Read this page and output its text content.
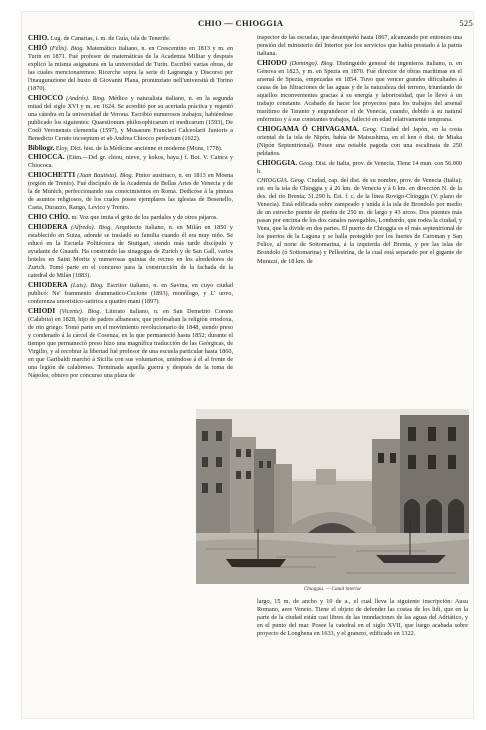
CHIO — CHIOGGIA	525
CHIO. Lug. de Canarias, t. m. de Guía, isla de Tenerife.
CHIÓ (Félix). Biog. Matemático italiano, n. en Crescentino en 1813 y m. en Turín en 1871. Fué profesor de matemáticas de la Academia Militar y después explicó la misma asignatura en la universidad de Turín. Escribió varias obras, de las cuales mencionaremos: Ricerche sopra la serie di Lagrangia y Discorso per l'inaugurazione del busto di Giovanni Plana, pronunziato nell'università di Torino (1870).
CHIOCCO (Andrés). Biog. Médico y naturalista italiano, n. en la segunda mitad del siglo XVI y m. en 1624. Se acreditó por su acertada práctica y regentó una cátedra en la universidad de Verona. Escribió numerosos trabajos, habiéndose publicado los siguientes: Quaestionum philosophicarum et medicarum (1593), De Coeli Veronensis clementia (1597), y Musaeum Francisci Calceolarii Junioris a Benedicto Ceruto incoeptum et ab Andrea Chiocco perfectum (1622).
Bibliogr. Eloy, Dict. hist. de la Médicine ancienne et moderne (Mons, 1778).
CHIOCCA. (Etim.—Del gr. chiou, nieve, y kokos, baya.) f. Bot. V. Cainca y Chiococa.
CHIOCHETTI (Juan Bautista). Biog. Pintor austriaco, n. en 1813 en Moena (región de Trento). Fué discípulo de la Academia de Bellas Artes de Venecia y de la de Munich, perfeccionando sus conocimientos en Roma. Dedicóse á la pintura de asuntos religiosos, de los cuales posee ejemplares las iglesias de Besenello, Casta, Durazzo, Rango, Levico y Trento.
CHIO CHÍO. m. Voz que imita el grito de los pardales y de otros pájaros.
CHIODERA (Alfredo). Biog. Arquitecto italiano, n. en Milán en 1850 y establecido en Suiza, adonde se trasladó su familia cuando él era muy niño. Se educó en la Escuela Politécnica de Stuttgart, siendo más tarde discípulo y ayudante de Gnauth. Ha construido las sinagogas de Zurich y de San Gall, varios hoteles en Saint Moritz y numerosas quintas de recreo en los alrededores de Zurich. Tomó parte en el concurso para la construcción de la fachada de la catedral de Milán (1883).
CHIODERA (Luis). Biog. Escritor italiano, n. en Savina, en cuyo ciudad publicó: Ne' frammento drammatico-Cecione (1893), monólogo, y L' uovo, conferenza umoristico-satirica a quattro mani (1897).
CHIODI (Vicente). Biog. Literato italiano, n. en San Demetrio Corone (Calabria) en 1828, hijo de padres albaneses, que profesaban la religión ortodoxa, de rito griego. Tomó parte en el movimiento revolucionario de 1848, siendo preso y condenado á la cárcel de Cosenza, en la que permaneció hasta 1852; durante el tiempo que permaneció preso hizo una magnífica traducción de las Geórgicas, de Virgilio, y al recobrar la libertad fué profesor de una escuela particular hasta 1860, en que Garibaldi marchó á Sicilia con sus voluntarios, uniéndose á él al frente de una legión de calabreses. Terminada aquella guerra y después de la toma de Nápoles, obtuvo por concurso una plaza de
inspector de las escuelas, que desempeñó hasta 1867, alcanzando por entonces una pensión del ministerio del Interior por los servicios que había prestado á la patria italiana.
CHIODO (Domingo). Biog. Distinguido general de ingenieros italiano, n. en Génova en 1823, y m. en Spezia en 1870. Fué director de obras marítimas en el arsenal de Spezia, empezadas en 1854. Tuvo que vencer grandes dificultades á causa de las filtraciones de las aguas y de la naturaleza del terreno, triunfando de aquellos inconvenientes gracias á su energía y laboriosidad, que le llevó á un trabajo constante. Acabado de hacer los proyectos para los trabajos del arsenal marítimo de Taranto y engrandecer el de Venecia, cuando, debido á su natural enfermizo y á sus constantes trabajos, falleció en edad relativamente temprana.
CHIOGAMA Ó CHIVAGAMA. Geog. Ciudad del Japón, en la costa oriental de la isla de Nipón, bahía de Matsushima, en el ken ó dist. de Miaka (Nipón Septentrional). Posee una notable pagoda con una escalinata de 250 peldaños.
CHIOGGIA. Geog. Dist. de Italia, prov. de Venecia. Tiene 14 mun. con 56.000 h.
CHIOGGIA. Geog. Ciudad, cap. del dist. de su nombre, prov. de Venecia (Italia); est. en la isla de Chioggia y á 26 km. de Venecia y á 6 km. en dirección N. de la des. del río Brenta; 31.290 h. Est. f. c. de la línea Rovigo-Chioggia (V. plano de Venecia). Está edificada sobre zampeado y unida á la isla de Brondolo por medio de un estrecho puente de piedra de 250 m. de largo y 43 arcos. Dos puentes más pasan por encima de los dos canales navegables, Lombardo, que rodea la ciudad, y Vena, que la divide en dos partes. El puerto de Chioggia es el más septentrional de los puertos de la Laguna y se halla protegido por los fuertes de Caroman y San Felice, al norte de Sottomarina, á la izquierda del Brenta, y por las islas de Brondolo (ó Sottomarina) y Pellestrina, de la cual está separado por el gigante de Murazzi, de 18 km. de
Chioggia. — Canal interior
largo, 15 m. de ancho y 10 de a., el cual lleva la siguiente inscripción: Ausu Romano, aere Veneto. Tiene el objeto de defender las costas de los lidi, que en la parte de la ciudad están casi libres de las inundaciones de las aguas del Adriático, y en el punto del mar. Posee la catedral en el siglo XVII, que luego acabada sobre proyecto de Longhena en 1633, y el granero, edificado en 1322.
